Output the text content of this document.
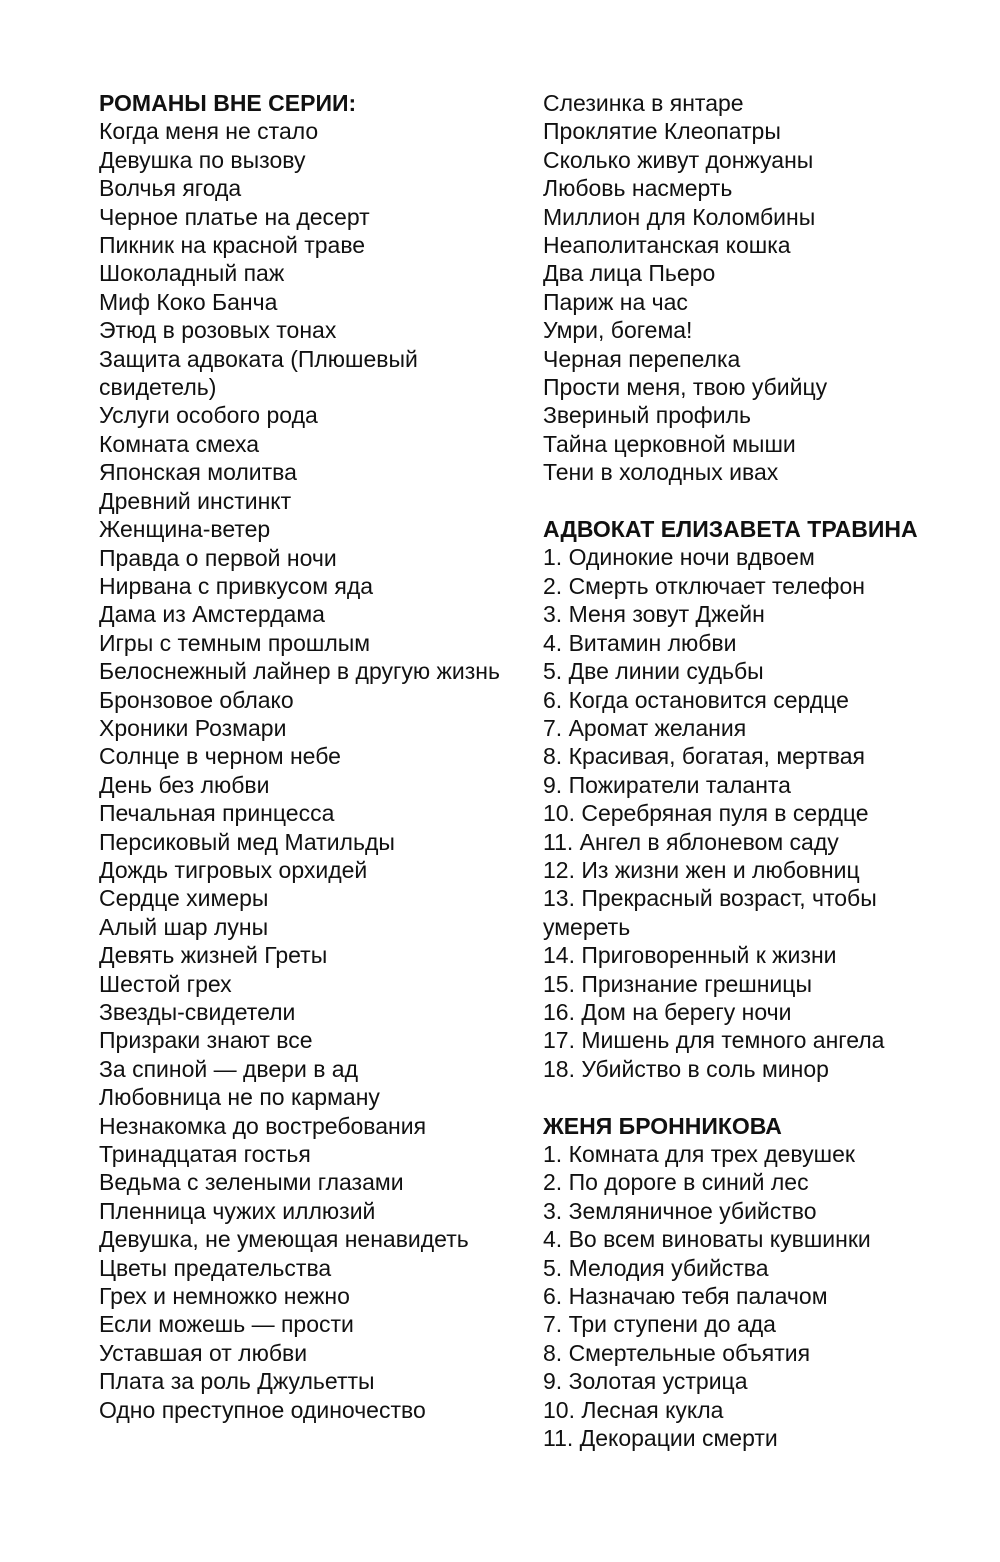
РОМАНЫ ВНЕ СЕРИИ:

Когда меня не стало
Девушка по вызову
Волчья ягода
Черное платье на десерт
Пикник на красной траве
Шоколадный паж
Миф Коко Банча
Этюд в розовых тонах
Защита адвоката (Плюшевый свидетель)
Услуги особого рода
Комната смеха
Японская молитва
Древний инстинкт
Женщина-ветер
Правда о первой ночи
Нирвана с привкусом яда
Дама из Амстердама
Игры с темным прошлым
Белоснежный лайнер в другую жизнь
Бронзовое облако
Хроники Розмари
Солнце в черном небе
День без любви
Печальная принцесса
Персиковый мед Матильды
Дождь тигровых орхидей
Сердце химеры
Алый шар луны
Девять жизней Греты
Шестой грех
Звезды-свидетели
Призраки знают все
За спиной — двери в ад
Любовница не по карману
Незнакомка до востребования
Тринадцатая гостья
Ведьма с зелеными глазами
Пленница чужих иллюзий
Девушка, не умеющая ненавидеть
Цветы предательства
Грех и немножко нежно
Если можешь — прости
Уставшая от любви
Плата за роль Джульетты
Одно преступное одиночество
Слезинка в янтаре
Проклятие Клеопатры
Сколько живут донжуаны
Любовь насмерть
Миллион для Коломбины
Неаполитанская кошка
Два лица Пьеро
Париж на час
Умри, богема!
Черная перепелка
Прости меня, твою убийцу
Звериный профиль
Тайна церковной мыши
Тени в холодных ивах

АДВОКАТ ЕЛИЗАВЕТА ТРАВИНА

1. Одинокие ночи вдвоем
2. Смерть отключает телефон
3. Меня зовут Джейн
4. Витамин любви
5. Две линии судьбы
6. Когда остановится сердце
7. Аромат желания
8. Красивая, богатая, мертвая
9. Пожиратели таланта
10. Серебряная пуля в сердце
11. Ангел в яблоневом саду
12. Из жизни жен и любовниц
13. Прекрасный возраст, чтобы умереть
14. Приговоренный к жизни
15. Признание грешницы
16. Дом на берегу ночи
17. Мишень для темного ангела
18. Убийство в соль минор

ЖЕНЯ БРОННИКОВА

1. Комната для трех девушек
2. По дороге в синий лес
3. Земляничное убийство
4. Во всем виноваты кувшинки
5. Мелодия убийства
6. Назначаю тебя палачом
7. Три ступени до ада
8. Смертельные объятия
9. Золотая устрица
10. Лесная кукла
11. Декорации смерти
